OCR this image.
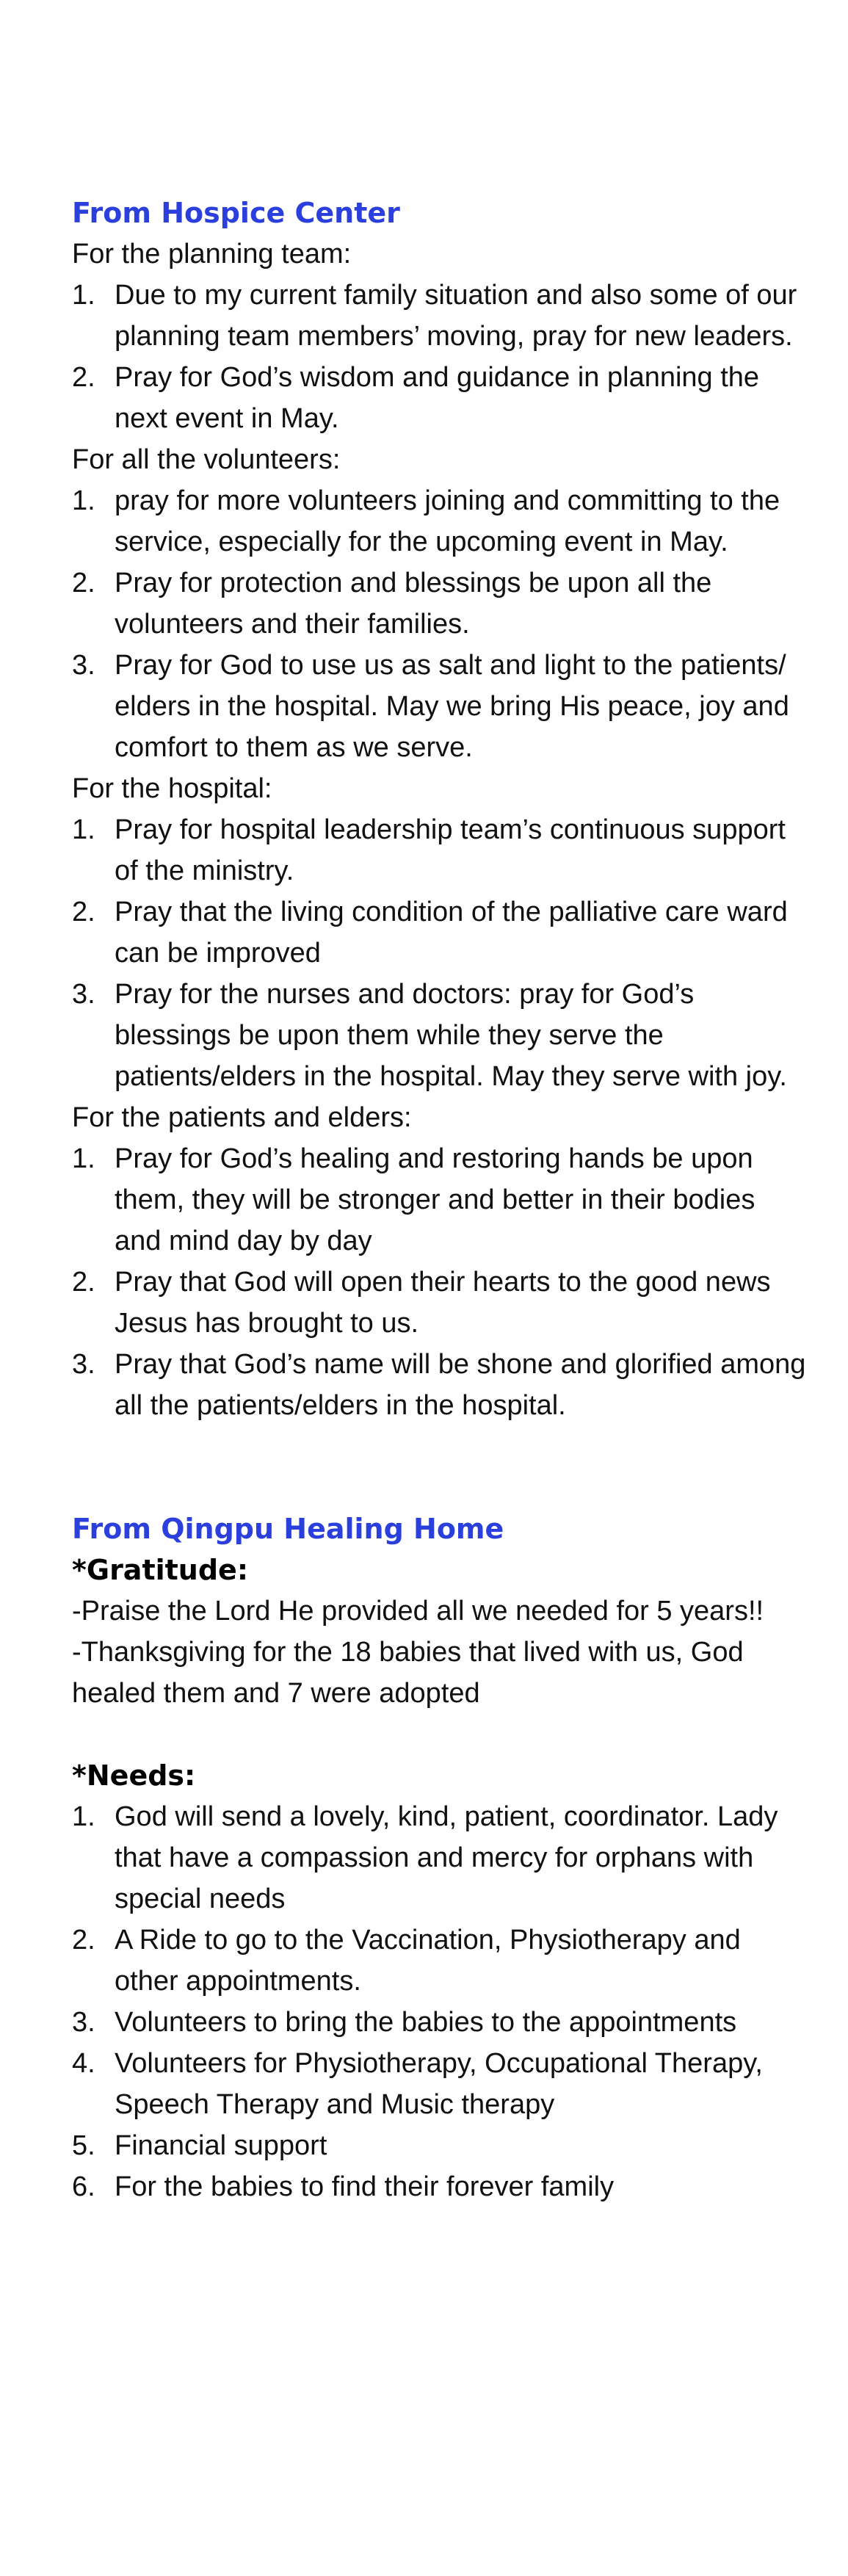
From Hospice Center

For the planning team:

1. Due to my current family situation and also some of our planning team members’ moving, pray for new leaders.
2. Pray for God’s wisdom and guidance in planning the next event in May.

For all the volunteers:

1. pray for more volunteers joining and committing to the service, especially for the upcoming event in May.
2. Pray for protection and blessings be upon all the volunteers and their families.
3. Pray for God to use us as salt and light to the patients/ elders in the hospital. May we bring His peace, joy and comfort to them as we serve.

For the hospital:

1. Pray for hospital leadership team’s continuous support of the ministry.
2. Pray that the living condition of the palliative care ward can be improved
3. Pray for the nurses and doctors: pray for God’s blessings be upon them while they serve the patients/elders in the hospital. May they serve with joy.

For the patients and elders:

1. Pray for God’s healing and restoring hands be upon them, they will be stronger and better in their bodies and mind day by day
2. Pray that God will open their hearts to the good news Jesus has brought to us.
3. Pray that God’s name will be shone and glorified among all the patients/elders in the hospital.
From Qingpu Healing Home
*Gratitude:

-Praise the Lord He provided all we needed for 5 years!!

-Thanksgiving for the 18 babies that lived with us, God healed them and 7 were adopted

*Needs:
1. God will send a lovely, kind, patient, coordinator. Lady that have a compassion and mercy for orphans with special needs
2. A Ride to go to the Vaccination, Physiotherapy and other appointments.
3. Volunteers to bring the babies to the appointments
4. Volunteers for Physiotherapy, Occupational Therapy, Speech Therapy and Music therapy
5. Financial support
6. For the babies to find their forever family
